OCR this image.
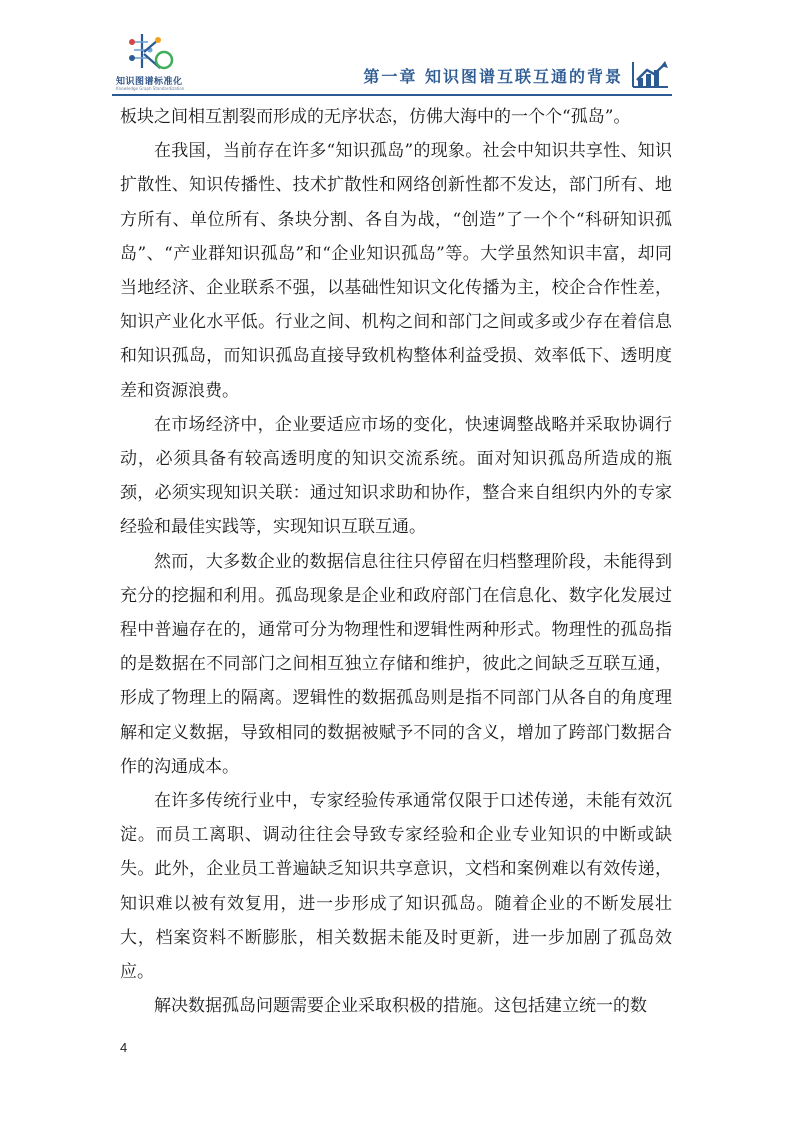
知识图谱标准化
Knowledge Graph Standardization
第一章 知识图谱互联互通的背景

板块之间相互割裂而形成的无序状态，仿佛大海中的一个个“孤岛”。

在我国，当前存在许多“知识孤岛”的现象。社会中知识共享性、知识扩散性、知识传播性、技术扩散性和网络创新性都不发达，部门所有、地方所有、单位所有、条块分割、各自为战，“创造”了一个个“科研知识孤岛”、“产业群知识孤岛”和“企业知识孤岛”等。大学虽然知识丰富，却同当地经济、企业联系不强，以基础性知识文化传播为主，校企合作性差，知识产业化水平低。行业之间、机构之间和部门之间或多或少存在着信息和知识孤岛，而知识孤岛直接导致机构整体利益受损、效率低下、透明度差和资源浪费。

在市场经济中，企业要适应市场的变化，快速调整战略并采取协调行动，必须具备有较高透明度的知识交流系统。面对知识孤岛所造成的瓶颈，必须实现知识关联：通过知识求助和协作，整合来自组织内外的专家经验和最佳实践等，实现知识互联互通。

然而，大多数企业的数据信息往往只停留在归档整理阶段，未能得到充分的挖掘和利用。孤岛现象是企业和政府部门在信息化、数字化发展过程中普遍存在的，通常可分为物理性和逻辑性两种形式。物理性的孤岛指的是数据在不同部门之间相互独立存储和维护，彼此之间缺乏互联互通，形成了物理上的隔离。逻辑性的数据孤岛则是指不同部门从各自的角度理解和定义数据，导致相同的数据被赋予不同的含义，增加了跨部门数据合作的沟通成本。

在许多传统行业中，专家经验传承通常仅限于口述传递，未能有效沉淀。而员工离职、调动往往会导致专家经验和企业专业知识的中断或缺失。此外，企业员工普遍缺乏知识共享意识，文档和案例难以有效传递，知识难以被有效复用，进一步形成了知识孤岛。随着企业的不断发展壮大，档案资料不断膨胀，相关数据未能及时更新，进一步加剧了孤岛效应。

解决数据孤岛问题需要企业采取积极的措施。这包括建立统一的数

4
